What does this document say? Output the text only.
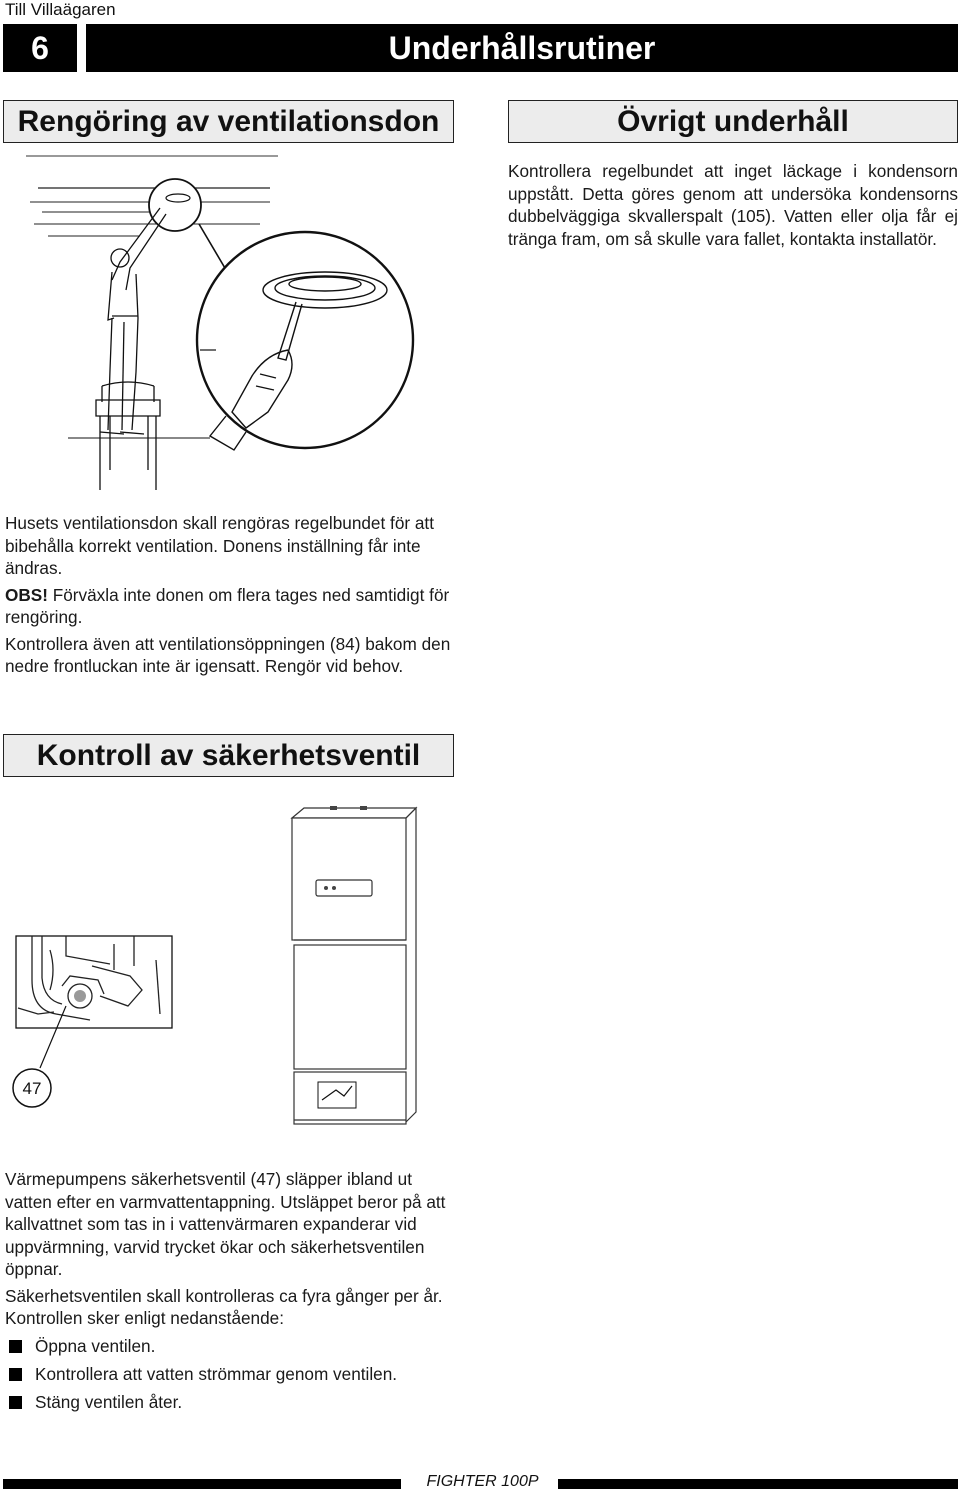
Till Villaägaren
6	Underhållsrutiner
Rengöring av ventilationsdon	Övrigt underhåll
Kontrollera regelbundet att inget läckage i kondensorn uppstått. Detta göres genom att undersöka kondensorns dubbelväggiga skvallerspalt (105). Vatten eller olja får ej tränga fram, om så skulle vara fallet, kontakta installatör.

Husets ventilationsdon skall rengöras regelbundet för att bibehålla korrekt ventilation. Donens inställning får inte ändras.

OBS! Förväxla inte donen om flera tages ned samtidigt för rengöring.

Kontrollera även att ventilationsöppningen (84) bakom den nedre frontluckan inte är igensatt. Rengör vid behov.

Kontroll av säkerhetsventil
47

Värmepumpens säkerhetsventil (47) släpper ibland ut vatten efter en varmvattentappning. Utsläppet beror på att kallvattnet som tas in i vattenvärmaren expanderar vid uppvärmning, varvid trycket ökar och säkerhetsventilen öppnar.

Säkerhetsventilen skall kontrolleras ca fyra gånger per år. Kontrollen sker enligt nedanstående:

Öppna ventilen.
Kontrollera att vatten strömmar genom ventilen.
Stäng ventilen åter.
FIGHTER 100P
